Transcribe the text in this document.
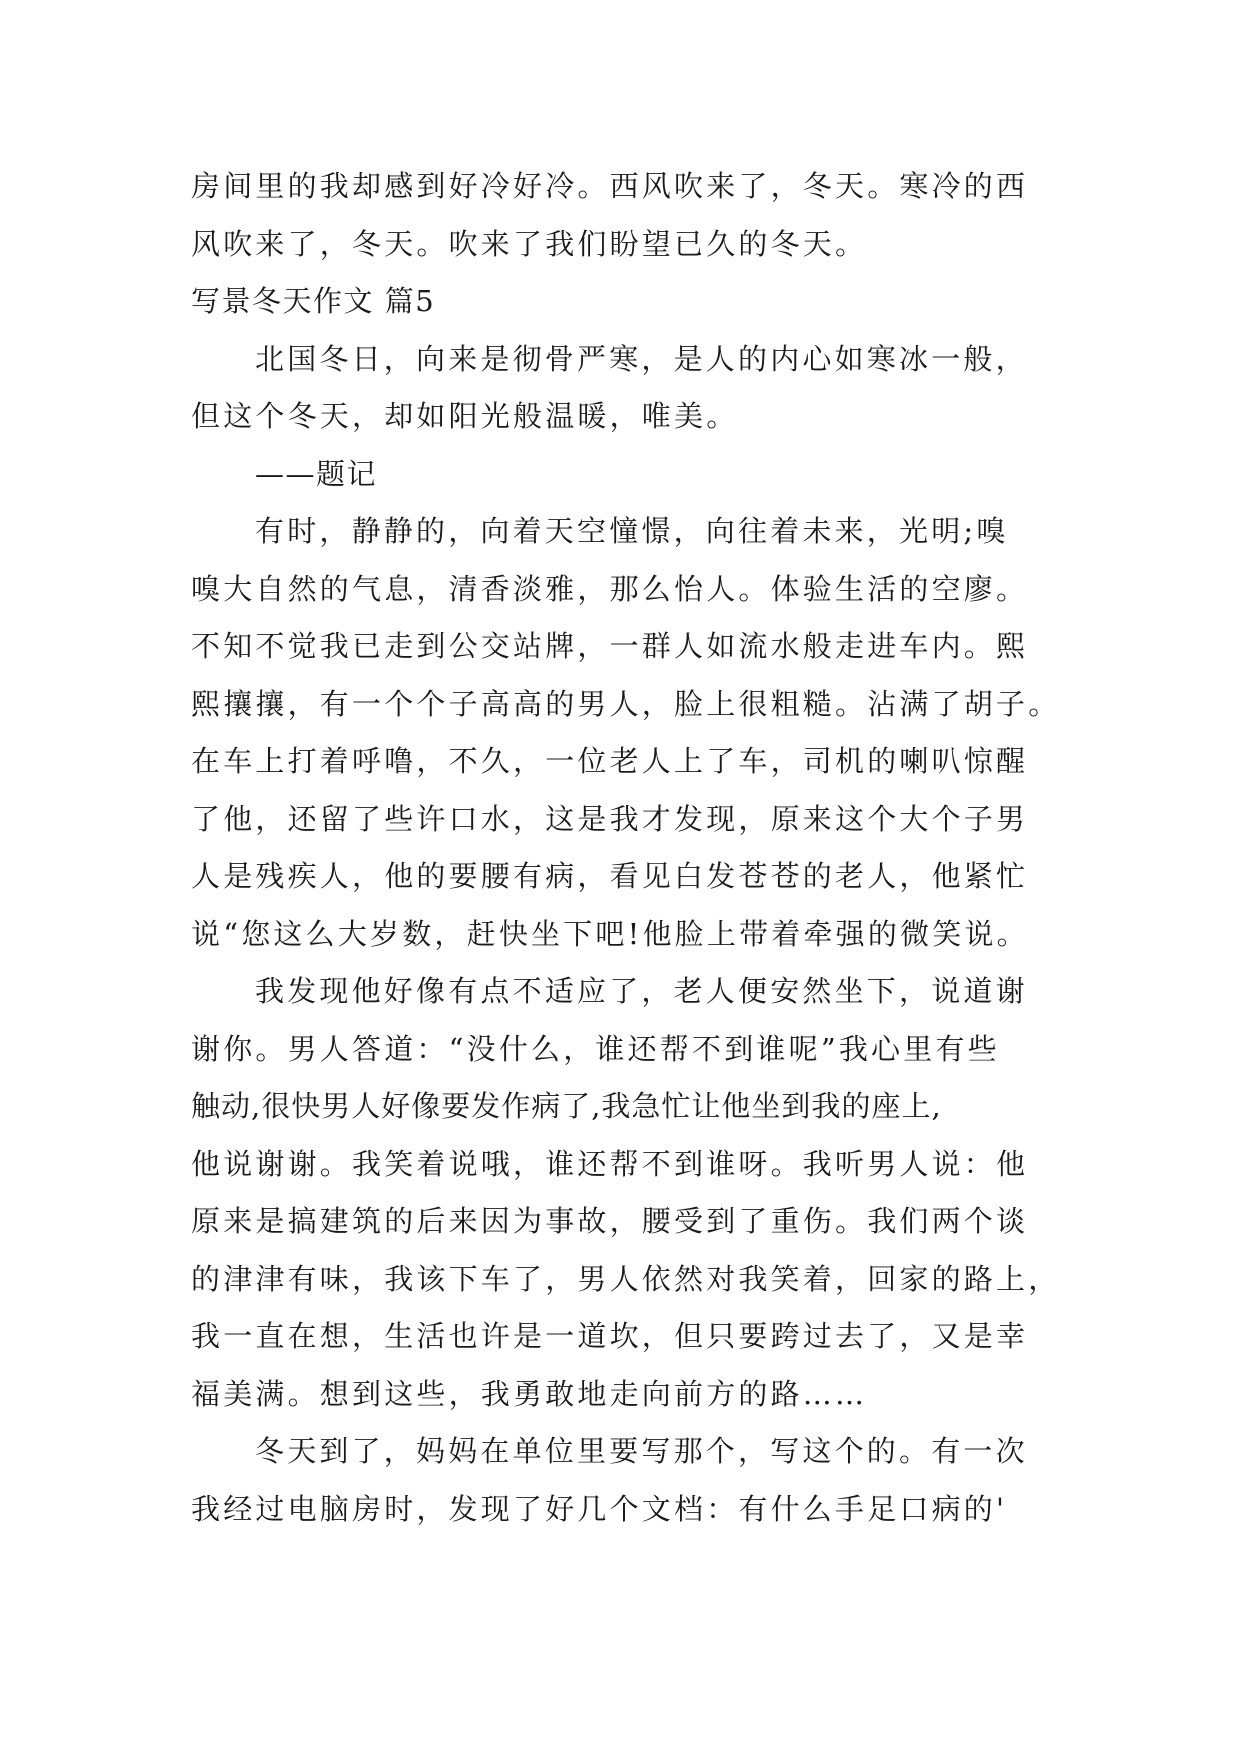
房间里的我却感到好冷好冷。西风吹来了，冬天。寒冷的西
风吹来了，冬天。吹来了我们盼望已久的冬天。
写景冬天作文 篇5
北国冬日，向来是彻骨严寒，是人的内心如寒冰一般，
但这个冬天，却如阳光般温暖，唯美。
——题记
有时，静静的，向着天空憧憬，向往着未来，光明;嗅
嗅大自然的气息，清香淡雅，那么怡人。体验生活的空廖。
不知不觉我已走到公交站牌，一群人如流水般走进车内。熙
熙攘攘，有一个个子高高的男人，脸上很粗糙。沾满了胡子。
在车上打着呼噜，不久，一位老人上了车，司机的喇叭惊醒
了他，还留了些许口水，这是我才发现，原来这个大个子男
人是残疾人，他的要腰有病，看见白发苍苍的老人，他紧忙
说“您这么大岁数，赶快坐下吧!他脸上带着牵强的微笑说。
我发现他好像有点不适应了，老人便安然坐下，说道谢
谢你。男人答道：“没什么，谁还帮不到谁呢”我心里有些
触动,很快男人好像要发作病了,我急忙让他坐到我的座上,
他说谢谢。我笑着说哦，谁还帮不到谁呀。我听男人说：他
原来是搞建筑的后来因为事故，腰受到了重伤。我们两个谈
的津津有味，我该下车了，男人依然对我笑着，回家的路上，
我一直在想，生活也许是一道坎，但只要跨过去了，又是幸
福美满。想到这些，我勇敢地走向前方的路……
冬天到了，妈妈在单位里要写那个，写这个的。有一次
我经过电脑房时，发现了好几个文档：有什么手足口病的'
